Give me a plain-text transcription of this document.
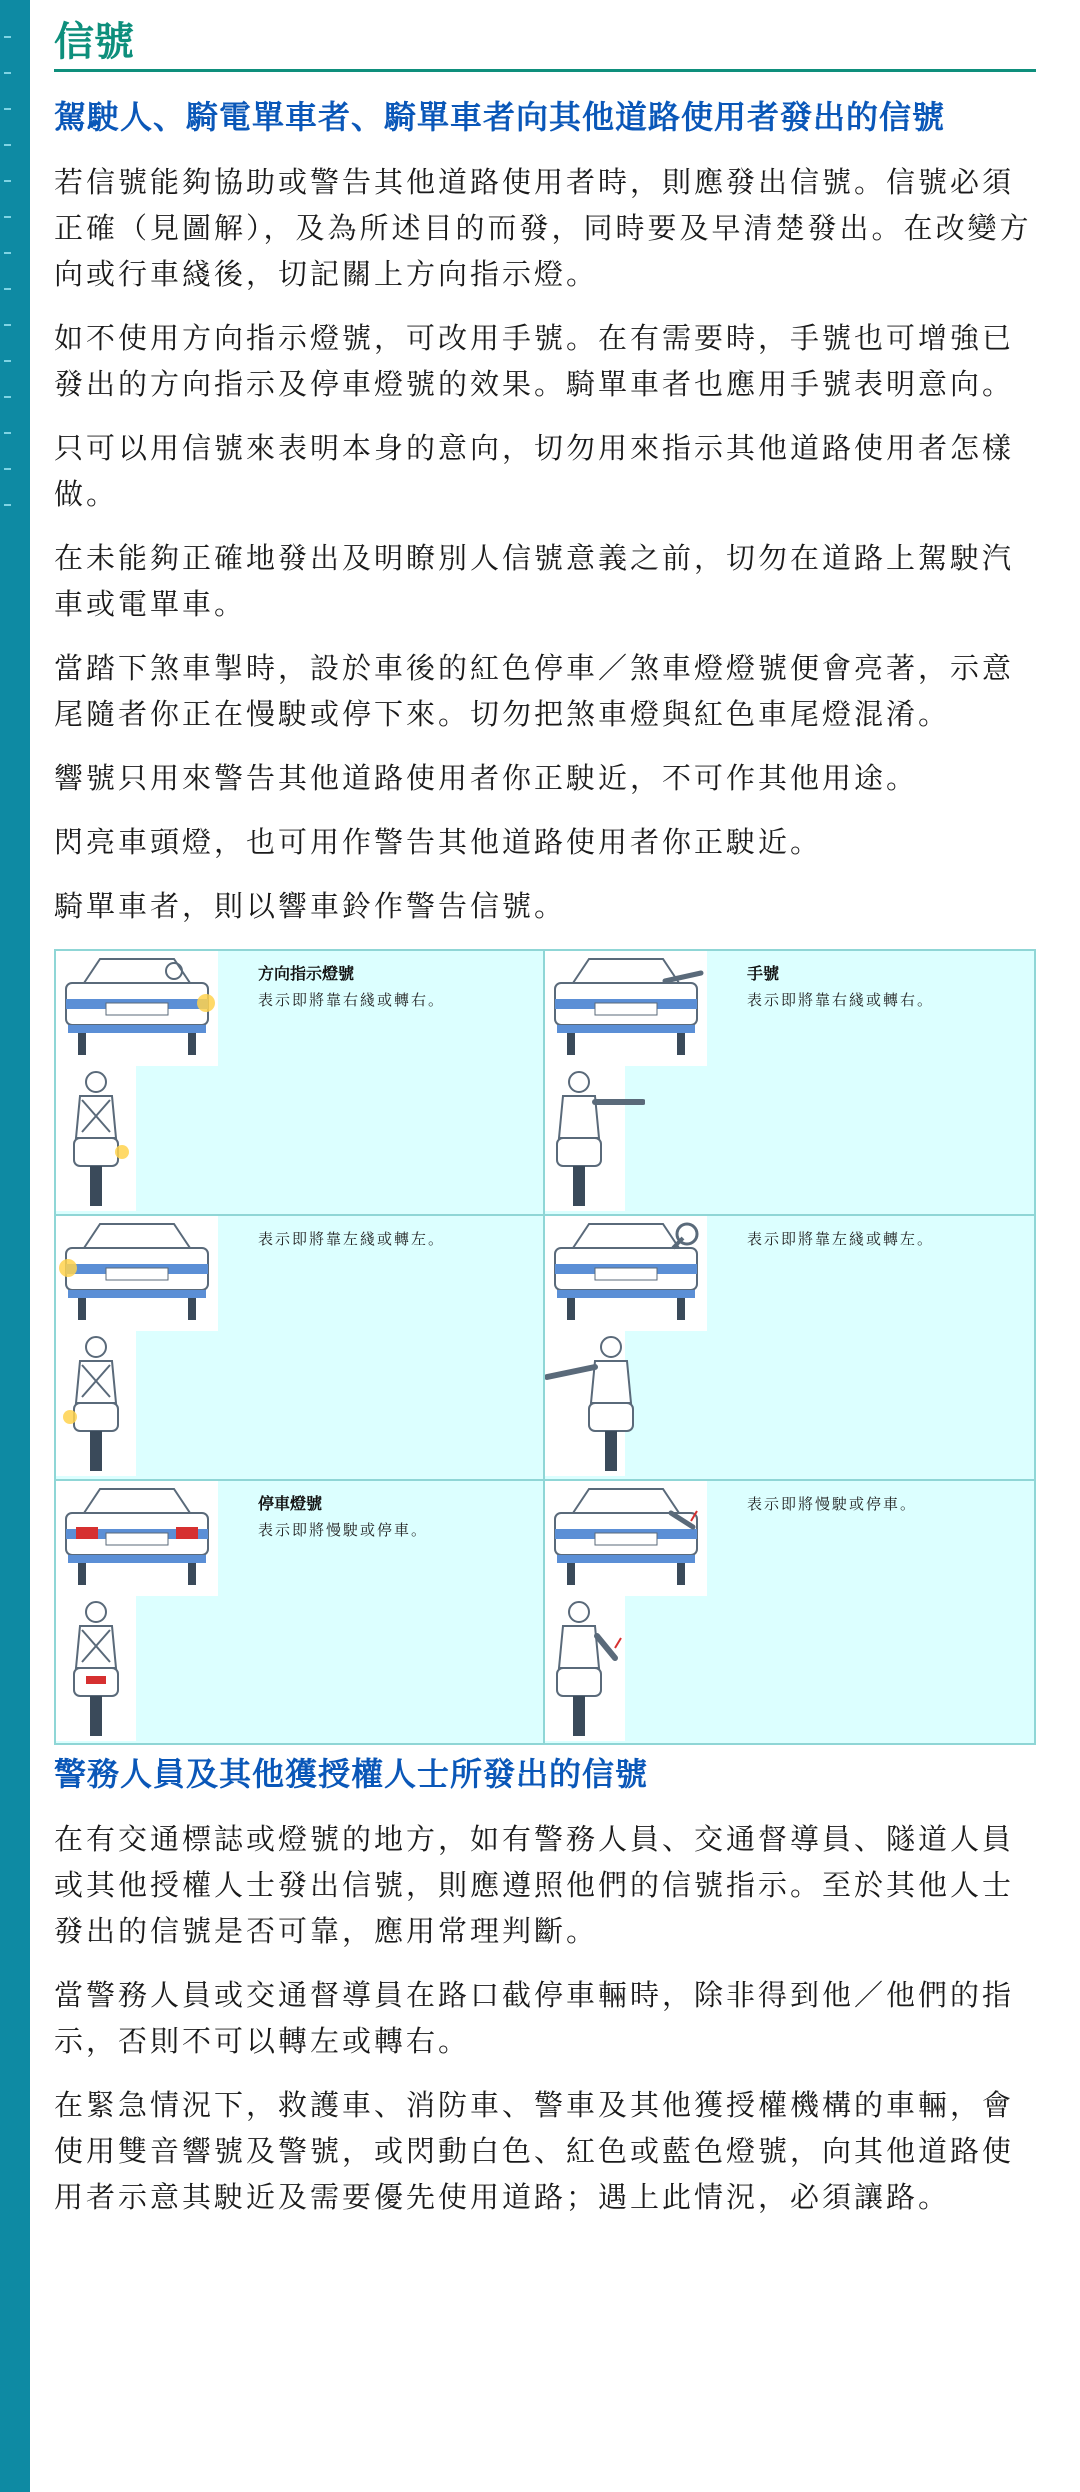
信號
駕駛人、騎電單車者、騎單車者向其他道路使用者發出的信號

若信號能夠協助或警告其他道路使用者時，則應發出信號。信號必須正確（見圖解），及為所述目的而發，同時要及早清楚發出。在改變方向或行車綫後，切記關上方向指示燈。

如不使用方向指示燈號，可改用手號。在有需要時，手號也可增強已發出的方向指示及停車燈號的效果。騎單車者也應用手號表明意向。

只可以用信號來表明本身的意向，切勿用來指示其他道路使用者怎樣做。

在未能夠正確地發出及明瞭別人信號意義之前，切勿在道路上駕駛汽車或電單車。

當踏下煞車掣時，設於車後的紅色停車／煞車燈燈號便會亮著，示意尾隨者你正在慢駛或停下來。切勿把煞車燈與紅色車尾燈混淆。

響號只用來警告其他道路使用者你正駛近，不可作其他用途。

閃亮車頭燈，也可用作警告其他道路使用者你正駛近。

騎單車者，則以響車鈴作警告信號。

方向指示燈號
表示即將靠右綫或轉右。
手號
表示即將靠右綫或轉右。
表示即將靠左綫或轉左。	表示即將靠左綫或轉左。
停車燈號
表示即將慢駛或停車。
表示即將慢駛或停車。
警務人員及其他獲授權人士所發出的信號

在有交通標誌或燈號的地方，如有警務人員、交通督導員、隧道人員或其他授權人士發出信號，則應遵照他們的信號指示。至於其他人士發出的信號是否可靠，應用常理判斷。

當警務人員或交通督導員在路口截停車輛時，除非得到他／他們的指示，否則不可以轉左或轉右。

在緊急情況下，救護車、消防車、警車及其他獲授權機構的車輛，會使用雙音響號及警號，或閃動白色、紅色或藍色燈號，向其他道路使用者示意其駛近及需要優先使用道路；遇上此情況，必須讓路。
